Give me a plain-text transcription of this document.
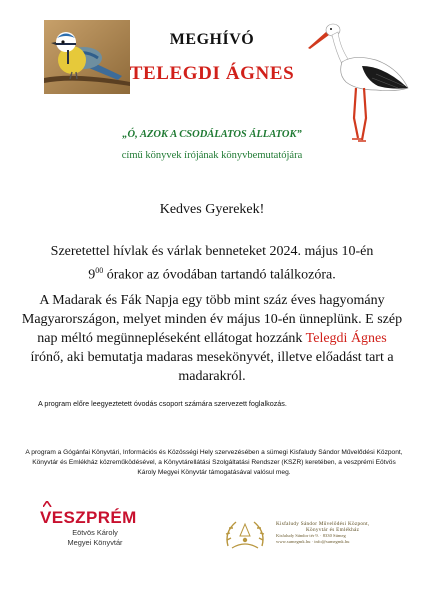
MEGHÍVÓ
TELEGDI ÁGNES
„Ó, AZOK A CSODÁLATOS ÁLLATOK”
című könyvek írójának könyvbemutatójára
Kedves Gyerekek!
Szeretettel hívlak és várlak benneteket 2024. május 10-én
$9^{00}$ órakor az óvodában tartandó találkozóra.
A Madarak és Fák Napja egy több mint száz éves hagyomány Magyarországon, melyet minden év május 10-én ünneplünk. E szép nap méltó megünnepléseként ellátogat hozzánk Telegdi Ágnes írónő, aki bemutatja madaras mesekönyvét, illetve előadást tart a madarakról.
A program előre leegyeztetett óvodás csoport számára szervezett foglalkozás.
A program a Gógánfai Könyvtári, Információs és Közösségi Hely szervezésében a sümegi Kisfaludy Sándor Művelődési Központ, Könyvtár és Emlékház közreműködésével, a Könyvtárellátási Szolgáltatási Rendszer (KSZR) keretében, a veszprémi Eötvös Károly Megyei Könyvtár támogatásával valósul meg.
VESZPRÉM
Eötvös Károly
Megyei Könyvtár
Kisfaludy Sándor Művelődési Központ,
Könyvtár és Emlékház
Kisfaludy Sándor tér 9. · 8330 Sümeg
www.sumegmk.hu · info@sumegmk.hu
